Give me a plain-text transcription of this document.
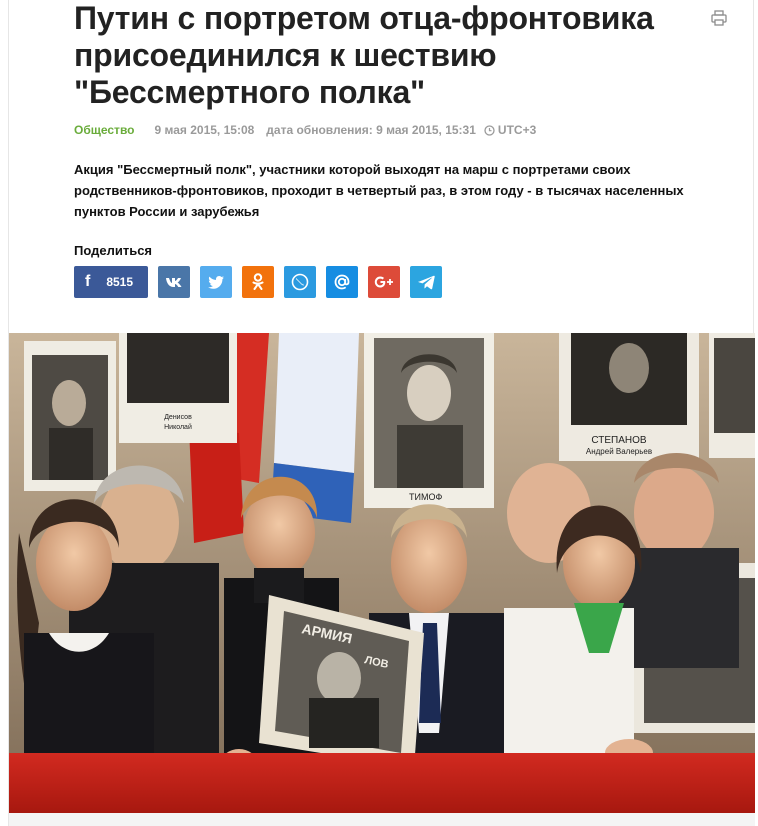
Путин с портретом отца-фронтовика присоединился к шествию "Бессмертного полка"
Общество 9 мая 2015, 15:08 дата обновления: 9 мая 2015, 15:31 UTC+3

Акция "Бессмертный полк", участники которой выходят на марш с портретами своих родственников-фронтовиков, проходит в четвертый раз, в этом году - в тысячах населенных пунктов России и зарубежья

Поделиться
f 8515
Денисов
Николай
ТИМОФ
СТЕПАНОВ
Андрей Валерьев
АРМИЯ
ЛОВ
